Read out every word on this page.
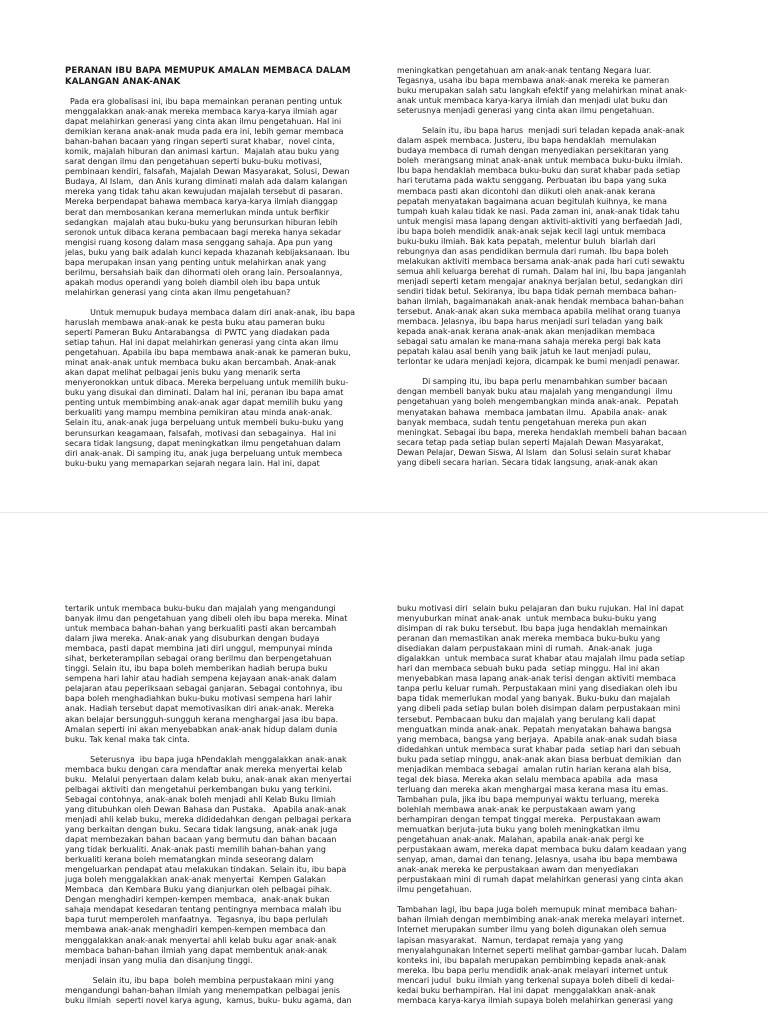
PERANAN IBU BAPA MEMUPUK AMALAN MEMBACA DALAM
KALANGAN ANAK-ANAK

Pada era globalisasi ini, ibu bapa memainkan peranan penting untuk

menggalakkan anak-anak mereka membaca karya-karya ilmiah agar

dapat melahirkan generasi yang cinta akan ilmu pengetahuan. Hal ini

demikian kerana anak-anak muda pada era ini, lebih gemar membaca

bahan-bahan bacaan yang ringan seperti surat khabar,  novel cinta,

komik, majalah hiburan dan animasi kartun.  Majalah atau buku yang

sarat dengan ilmu dan pengetahuan seperti buku-buku motivasi,

pembinaan kendiri, falsafah, Majalah Dewan Masyarakat, Solusi, Dewan

Budaya, Al Islam,  dan Anis kurang diminati malah ada dalam kalangan

mereka yang tidak tahu akan kewujudan majalah tersebut di pasaran.

Mereka berpendapat bahawa membaca karya-karya ilmiah dianggap

berat dan membosankan kerana memerlukan minda untuk berfikir

sedangkan  majalah atau buku-buku yang berunsurkan hiburan lebih

seronok untuk dibaca kerana pembacaan bagi mereka hanya sekadar

mengisi ruang kosong dalam masa senggang sahaja. Apa pun yang

jelas, buku yang baik adalah kunci kepada khazanah kebijaksanaan. Ibu

bapa merupakan insan yang penting untuk melahirkan anak yang

berilmu, bersahsiah baik dan dihormati oleh orang lain. Persoalannya,

apakah modus operandi yang boleh diambil oleh ibu bapa untuk

melahirkan generasi yang cinta akan ilmu pengetahuan?

Untuk memupuk budaya membaca dalam diri anak-anak, ibu bapa

haruslah membawa anak-anak ke pesta buku atau pameran buku

seperti Pameran Buku Antarabangsa  di PWTC yang diadakan pada

setiap tahun. Hal ini dapat melahirkan generasi yang cinta akan ilmu

pengetahuan. Apabila ibu bapa membawa anak-anak ke pameran buku,

minat anak-anak untuk membaca buku akan bercambah. Anak-anak

akan dapat melihat pelbagai jenis buku yang menarik serta

menyeronokkan untuk dibaca. Mereka berpeluang untuk memilih buku-

buku yang disukai dan diminati. Dalam hal ini, peranan ibu bapa amat

penting untuk membimbing anak-anak agar dapat memilih buku yang

berkualiti yang mampu membina pemikiran atau minda anak-anak.

Selain itu, anak-anak juga berpeluang untuk membeli buku-buku yang

berunsurkan keagamaan, falsafah, motivasi dan sebagainya.  Hal ini

secara tidak langsung, dapat meningkatkan ilmu pengetahuan dalam

diri anak-anak. Di samping itu, anak juga berpeluang untuk membeca

buku-buku yang memaparkan sejarah negara lain. Hal ini, dapat

meningkatkan pengetahuan am anak-anak tentang Negara luar.

Tegasnya, usaha ibu bapa membawa anak-anak mereka ke pameran

buku merupakan salah satu langkah efektif yang melahirkan minat anak-

anak untuk membaca karya-karya ilmiah dan menjadi ulat buku dan

seterusnya menjadi generasi yang cinta akan ilmu pengetahuan.

Selain itu, ibu bapa harus  menjadi suri teladan kepada anak-anak

dalam aspek membaca. Justeru, ibu bapa hendaklah  memulakan

budaya membaca di rumah dengan menyediakan persekitaran yang

boleh  merangsang minat anak-anak untuk membaca buku-buku ilmiah.

Ibu bapa hendaklah membaca buku-buku dan surat khabar pada setiap

hari terutama pada waktu senggang. Perbuatan ibu bapa yang suka

membaca pasti akan dicontohi dan diikuti oleh anak-anak kerana

pepatah menyatakan bagaimana acuan begitulah kuihnya, ke mana

tumpah kuah kalau tidak ke nasi. Pada zaman ini, anak-anak tidak tahu

untuk mengisi masa lapang dengan aktiviti-aktiviti yang berfaedah Jadi,

ibu bapa boleh mendidik anak-anak sejak kecil lagi untuk membaca

buku-buku ilmiah. Bak kata pepatah, melentur buluh  biarlah dari

rebungnya dan asas pendidikan bermula dari rumah. Ibu bapa boleh

melakukan aktiviti membaca bersama anak-anak pada hari cuti sewaktu

semua ahli keluarga berehat di rumah. Dalam hal ini, Ibu bapa janganlah

menjadi seperti ketam mengajar anaknya berjalan betul, sedangkan diri

sendiri tidak betul. Sekiranya, ibu bapa tidak pernah membaca bahan-

bahan ilmiah, bagaimanakah anak-anak hendak membaca bahan-bahan

tersebut. Anak-anak akan suka membaca apabila melihat orang tuanya

membaca. Jelasnya, ibu bapa harus menjadi suri teladan yang baik

kepada anak-anak kerana anak-anak akan menjadikan membaca

sebagai satu amalan ke mana-mana sahaja mereka pergi bak kata

pepatah kalau asal benih yang baik jatuh ke laut menjadi pulau,

terlontar ke udara menjadi kejora, dicampak ke bumi menjadi penawar.

Di samping itu, ibu bapa perlu menambahkan sumber bacaan

dengan membeli banyak buku atau majalah yang mengandungi  ilmu

pengetahuan yang boleh mengembangkan minda anak-anak.  Pepatah

menyatakan bahawa  membaca jambatan ilmu.  Apabila anak- anak

banyak membaca, sudah tentu pengetahuan mereka pun akan

meningkat. Sebagai ibu bapa, mereka hendaklah membeli bahan bacaan

secara tetap pada setiap bulan seperti Majalah Dewan Masyarakat,

Dewan Pelajar, Dewan Siswa, Al Islam  dan Solusi selain surat khabar

yang dibeli secara harian. Secara tidak langsung, anak-anak akan

tertarik untuk membaca buku-buku dan majalah yang mengandungi

banyak ilmu dan pengetahuan yang dibeli oleh ibu bapa mereka. Minat

untuk membaca bahan-bahan yang berkualiti pasti akan bercambah

dalam jiwa mereka. Anak-anak yang disuburkan dengan budaya

membaca, pasti dapat membina jati diri unggul, mempunyai minda

sihat, berketerampilan sebagai orang berilmu dan berpengetahuan

tinggi. Selain itu, ibu bapa boleh memberikan hadiah berupa buku

sempena hari lahir atau hadiah sempena kejayaan anak-anak dalam

pelajaran atau peperiksaan sebagai ganjaran. Sebagai contohnya, ibu

bapa boleh menghadiahkan buku-buku motivasi sempena hari lahir

anak. Hadiah tersebut dapat memotivasikan diri anak-anak. Mereka

akan belajar bersungguh-sungguh kerana menghargai jasa ibu bapa.

Amalan seperti ini akan menyebabkan anak-anak hidup dalam dunia

buku. Tak kenal maka tak cinta.

Seterusnya  ibu bapa juga hPendaklah menggalakkan anak-anak

membaca buku dengan cara mendaftar anak mereka menyertai kelab

buku.  Melalui penyertaan dalam kelab buku, anak-anak akan menyertai

pelbagai aktiviti dan mengetahui perkembangan buku yang terkini.

Sebagai contohnya, anak-anak boleh menjadi ahli Kelab Buku Ilmiah

yang ditubuhkan oleh Dewan Bahasa dan Pustaka.   Apabila anak-anak

menjadi ahli kelab buku, mereka dididedahkan dengan pelbagai perkara

yang berkaitan dengan buku. Secara tidak langsung, anak-anak juga

dapat membezakan bahan bacaan yang bermutu dan bahan bacaan

yang tidak berkualiti. Anak-anak pasti memilih bahan-bahan yang

berkualiti kerana boleh mematangkan minda seseorang dalam

mengeluarkan pendapat atau melakukan tindakan. Selain itu, ibu bapa

juga boleh menggalakkan anak-anak menyertai  Kempen Galakan

Membaca  dan Kembara Buku yang dianjurkan oleh pelbagai pihak.

Dengan menghadiri kempen-kempen membaca,  anak-anak bukan

sahaja mendapat kesedaran tentang pentingnya membaca malah ibu

bapa turut memperoleh manfaatnya.  Tegasnya, ibu bapa perlulah

membawa anak-anak menghadiri kempen-kempen membaca dan

menggalakkan anak-anak menyertai ahli kelab buku agar anak-anak

membaca bahan-bahan ilmiah yang dapat membentuk anak-anak

menjadi insan yang mulia dan disanjung tinggi.

Selain itu, ibu bapa  boleh membina perpustakaan mini yang

mengandungi bahan-bahan ilmiah yang menempatkan pelbagai jenis

buku ilmiah  seperti novel karya agung,  kamus, buku- buku agama, dan

buku motivasi diri  selain buku pelajaran dan buku rujukan. Hal ini dapat

menyuburkan minat anak-anak  untuk membaca buku-buku yang

disimpan di rak buku tersebut. Ibu bapa juga hendaklah memainkan

peranan dan memastikan anak mereka membaca buku-buku yang

disediakan dalam perpustakaan mini di rumah.  Anak-anak  juga

digalakkan  untuk membaca surat khabar atau majalah ilmu pada setiap

hari dan membaca sebuah buku pada  setiap minggu. Hal ini akan

menyebabkan masa lapang anak-anak terisi dengan aktiviti membaca

tanpa perlu keluar rumah. Perpustakaan mini yang disediakan oleh ibu

bapa tidak memerlukan modal yang banyak. Buku-buku dan majalah

yang dibeli pada setiap bulan boleh disimpan dalam perpustakaan mini

tersebut. Pembacaan buku dan majalah yang berulang kali dapat

menguatkan minda anak-anak. Pepatah menyatakan bahawa bangsa

yang membaca, bangsa yang berjaya.  Apabila anak-anak sudah biasa

didedahkan untuk membaca surat khabar pada  setiap hari dan sebuah

buku pada setiap minggu, anak-anak akan biasa berbuat demikian  dan

menjadikan membaca sebagai  amalan rutin harian kerana alah bisa,

tegal dek biasa. Mereka akan selalu membaca apabila  ada  masa

terluang dan mereka akan menghargai masa kerana masa itu emas.

Tambahan pula, jika ibu bapa mempunyai waktu terluang, mereka

bolehlah membawa anak-anak ke perpustakaan awam yang

berhampiran dengan tempat tinggal mereka.  Perpustakaan awam

memuatkan berjuta-juta buku yang boleh meningkatkan ilmu

pengetahuan anak-anak. Malahan, apabila anak-anak pergi ke

perpustakaan awam, mereka dapat membaca buku dalam keadaan yang

senyap, aman, damai dan tenang. Jelasnya, usaha ibu bapa membawa

anak-anak mereka ke perpustakaan awam dan menyediakan

perpustakaan mini di rumah dapat melahirkan generasi yang cinta akan

ilmu pengetahuan.

Tambahan lagi, ibu bapa juga boleh memupuk minat membaca bahan-

bahan ilmiah dengan membimbing anak-anak mereka melayari internet.

Internet merupakan sumber ilmu yang boleh digunakan oleh semua

lapisan masyarakat.  Namun, terdapat remaja yang yang

menyalahgunakan Internet seperti melihat gambar-gambar lucah. Dalam

konteks ini, ibu bapalah merupakan pembimbing kepada anak-anak

mereka. Ibu bapa perlu mendidik anak-anak melayari internet untuk

mencari judul  buku ilmiah yang terkenal supaya boleh dibeli di kedai-

kedai buku berhampiran. Hal ini dapat  menggalakkan anak-anak

membaca karya-karya ilmiah supaya boleh melahirkan generasi yang
